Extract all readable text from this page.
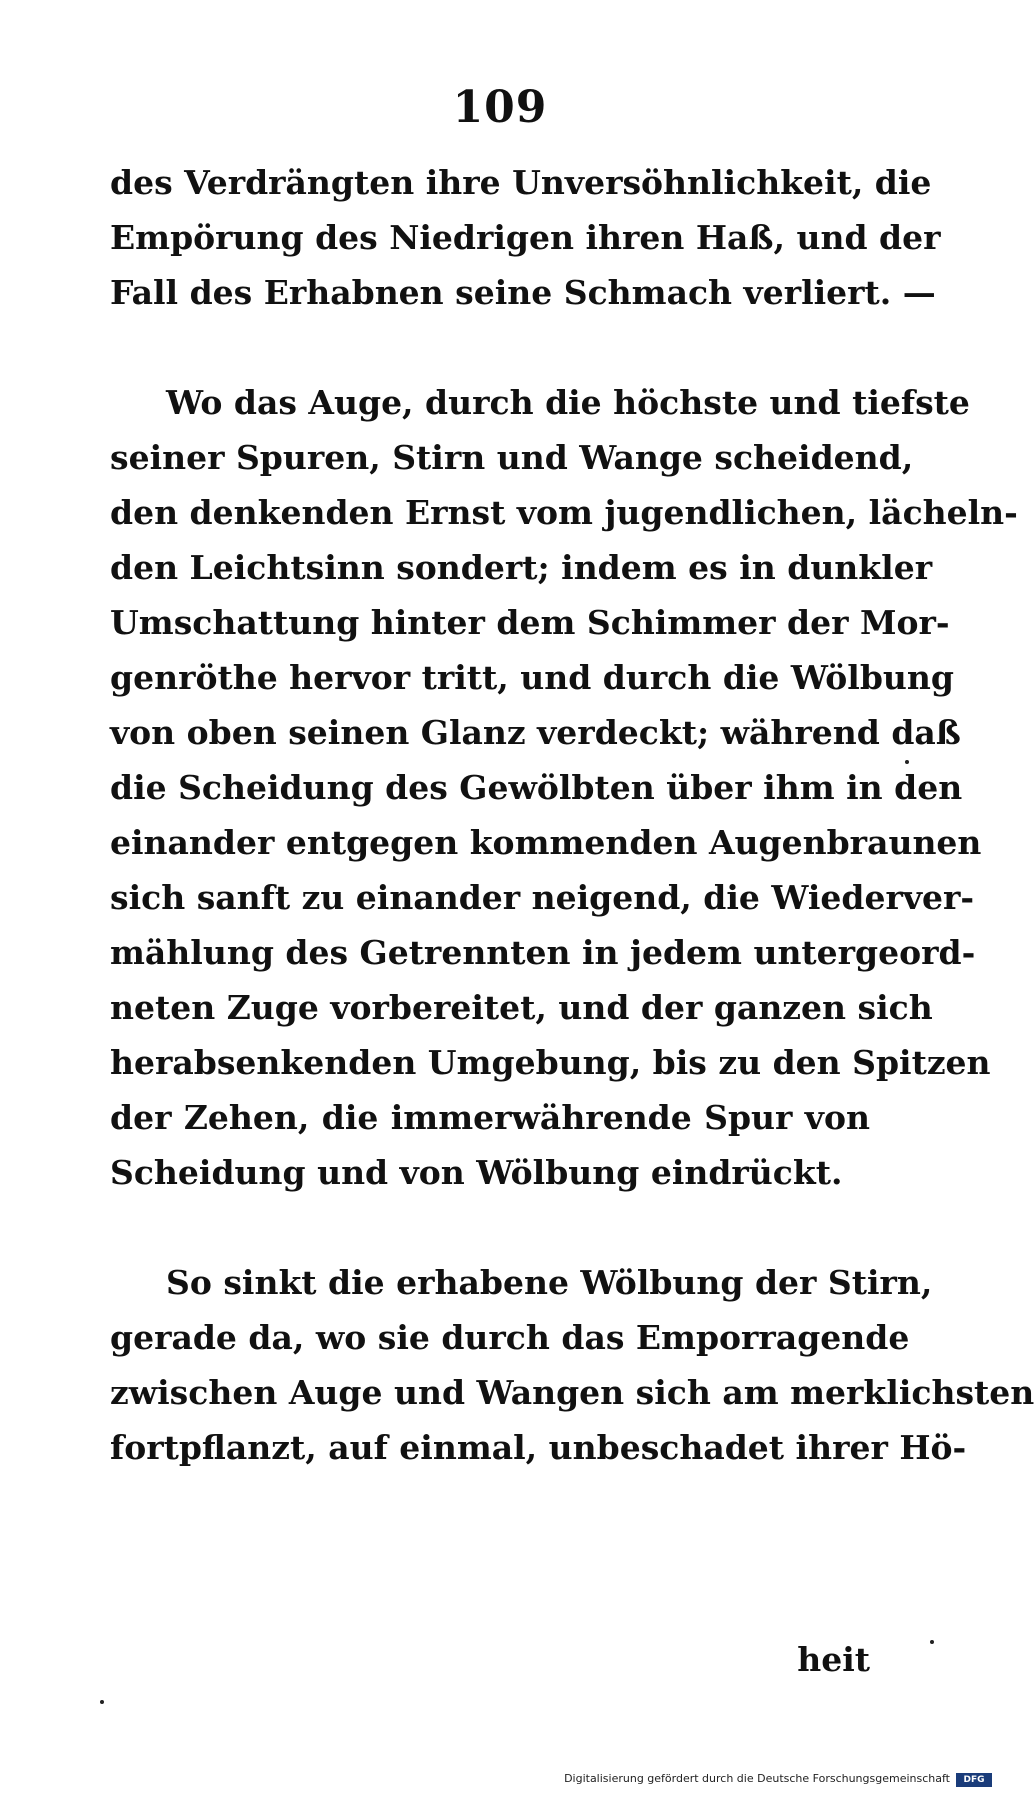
109
des Verdrängten ihre Unversöhnlichkeit, die
Empörung des Niedrigen ihren Haß, und der
Fall des Erhabnen seine Schmach verliert. —
Wo das Auge, durch die höchste und tiefste
seiner Spuren, Stirn und Wange scheidend,
den denkenden Ernst vom jugendlichen, lächeln-
den Leichtsinn sondert; indem es in dunkler
Umschattung hinter dem Schimmer der Mor-
genröthe hervor tritt, und durch die Wölbung
von oben seinen Glanz verdeckt; während daß
die Scheidung des Gewölbten über ihm in den
einander entgegen kommenden Augenbraunen
sich sanft zu einander neigend, die Wiederver-
mählung des Getrennten in jedem untergeord-
neten Zuge vorbereitet, und der ganzen sich
herabsenkenden Umgebung, bis zu den Spitzen
der Zehen, die immerwährende Spur von
Scheidung und von Wölbung eindrückt.
So sinkt die erhabene Wölbung der Stirn,
gerade da, wo sie durch das Emporragende
zwischen Auge und Wangen sich am merklichsten
fortpflanzt, auf einmal, unbeschadet ihrer Hö-
heit
Digitalisierung gefördert durch die Deutsche Forschungsgemeinschaft	DFG
